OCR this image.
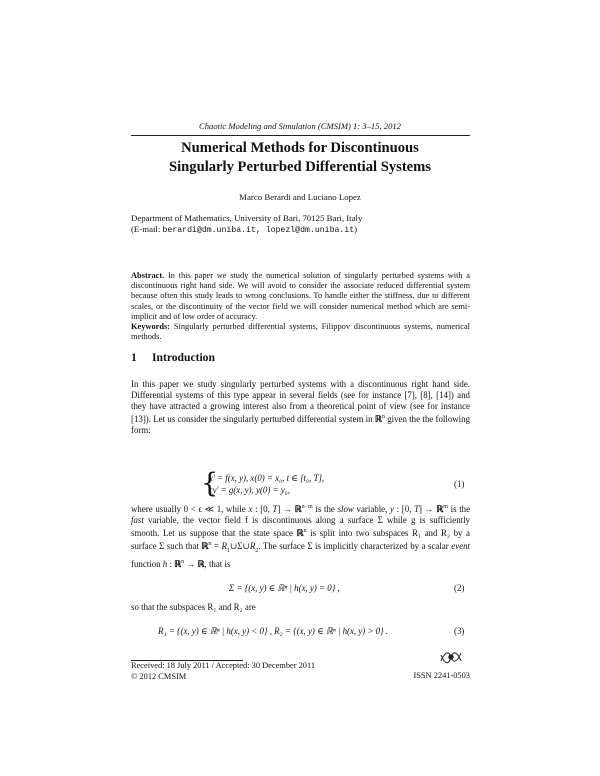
Chaotic Modeling and Simulation (CMSIM) 1: 3–15, 2012
Numerical Methods for Discontinuous
Singularly Perturbed Differential Systems
Marco Berardi and Luciano Lopez
Department of Mathematics, University of Bari, 70125 Bari, Italy
(E-mail: berardi@dm.uniba.it, lopezl@dm.uniba.it)
Abstract. In this paper we study the numerical solution of singularly perturbed systems with a discontinuous right hand side. We will avoid to consider the associate reduced differential system because often this study leads to wrong conclusions. To handle either the stiffness, due to different scales, or the discontinuity of the vector field we will consider numerical method which are semi-implicit and of low order of accuracy.
Keywords: Singularly perturbed differential systems, Filippov discontinuous systems, numerical methods.
1 Introduction
In this paper we study singularly perturbed systems with a discontinuous right hand side. Differential systems of this type appear in several fields (see for instance [7], [8], [14]) and they have attracted a growing interest also from a theoretical point of view (see for instance [13]). Let us consider the singularly perturbed differential system in ℝ$^n$ given the the following form:
{
x′ = f(x, y), x(0) = x₀, t ∈ [t₀, T],
ϵy′ = g(x, y), y(0) = y₀,
(1)
where usually 0 < ϵ ≪ 1, while x : [0, T] → ℝ$^{n-m}$ is the slow variable, y : [0, T] → ℝ$^m$ is the fast variable, the vector field f is discontinuous along a surface Σ while g is sufficiently smooth. Let us suppose that the state space ℝ$^n$ is split into two subspaces R₁ and R₂ by a surface Σ such that ℝ$^n$ = $R_1\cup\Sigma\cup R_2$. The surface Σ is implicitly characterized by a scalar event function h : ℝ$^n$ → ℝ, that is
Σ = {(x, y) ∈ ℝⁿ | h(x, y) = 0} ,	(2)
so that the subspaces R₁ and R₂ are
R₁ = {(x, y) ∈ ℝⁿ | h(x, y) < 0} , R₂ = {(x, y) ∈ ℝⁿ | h(x, y) > 0} .	(3)
Received: 18 July 2011 / Accepted: 30 December 2011
© 2012 CMSIM	ISSN 2241-0503
